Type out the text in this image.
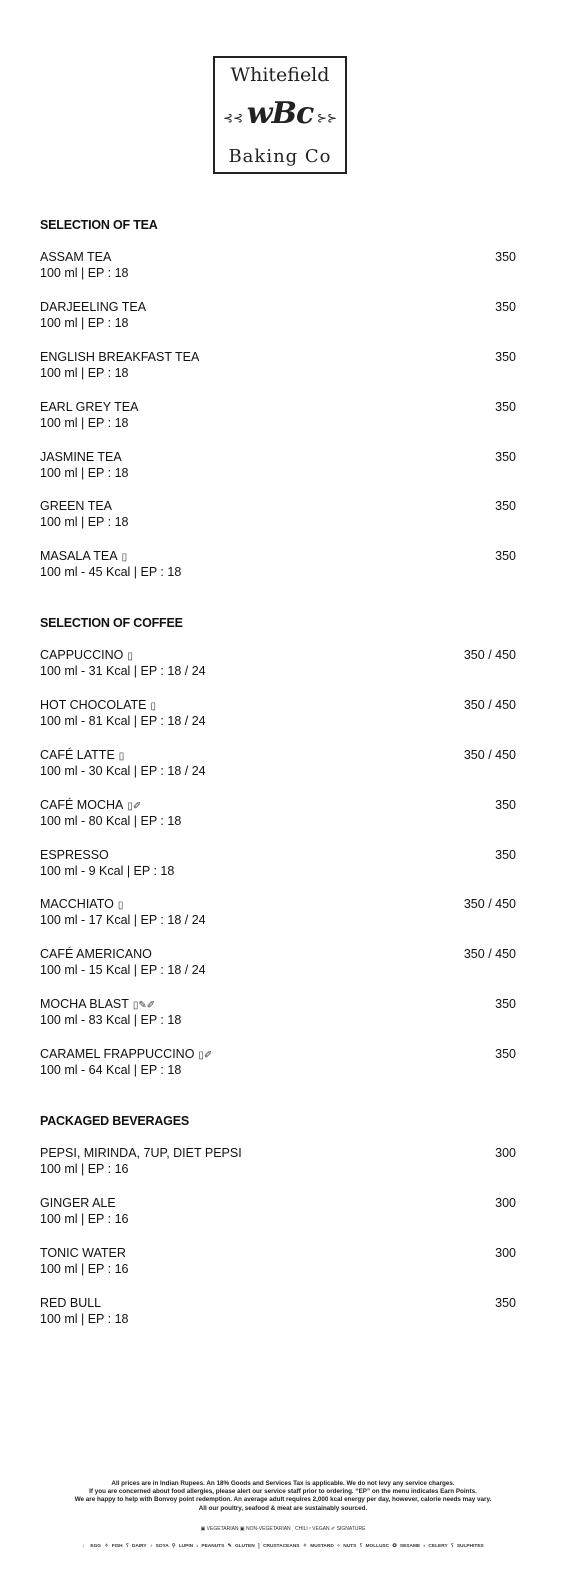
Whitefield
⊰⊰ wBc ⊱⊱
Baking Co
SELECTION OF TEA
ASSAM TEA
100 ml | EP : 18
350
DARJEELING TEA
100 ml | EP : 18
350
ENGLISH BREAKFAST TEA
100 ml | EP : 18
350
EARL GREY TEA
100 ml | EP : 18
350
JASMINE TEA
100 ml | EP : 18
350
GREEN TEA
100 ml | EP : 18
350
MASALA TEA ▯
100 ml - 45 Kcal | EP : 18
350
SELECTION OF COFFEE
CAPPUCCINO ▯
100 ml - 31 Kcal | EP : 18 / 24
350 / 450
HOT CHOCOLATE ▯
100 ml - 81 Kcal | EP : 18 / 24
350 / 450
CAFÉ LATTE ▯
100 ml - 30 Kcal | EP : 18 / 24
350 / 450
CAFÉ MOCHA ▯✐
100 ml - 80 Kcal | EP : 18
350
ESPRESSO
100 ml - 9 Kcal | EP : 18
350
MACCHIATO ▯
100 ml - 17 Kcal | EP : 18 / 24
350 / 450
CAFÉ AMERICANO
100 ml - 15 Kcal | EP : 18 / 24
350 / 450
MOCHA BLAST ▯✎✐
100 ml - 83 Kcal | EP : 18
350
CARAMEL FRAPPUCCINO ▯✐
100 ml - 64 Kcal | EP : 18
350
PACKAGED BEVERAGES
PEPSI, MIRINDA, 7UP, DIET PEPSI
100 ml | EP : 16
300
GINGER ALE
100 ml | EP : 16
300
TONIC WATER
100 ml | EP : 16
300
RED BULL
100 ml | EP : 18
350
All prices are in Indian Rupees. An 18% Goods and Services Tax is applicable. We do not levy any service charges.
If you are concerned about food allergies, please alert our service staff prior to ordering. “EP” on the menu indicates Earn Points.
We are happy to help with Bonvoy point redemption. An average adult requires 2,000 kcal energy per day, however, calorie needs may vary.
All our poultry, seafood & meat are sustainably sourced.
▣ VEGETARIAN ▣ NON-VEGETARIAN ⸒ CHILI ᵞ VEGAN ✐ SIGNATURE
♩ EGG ✧ FISH ⸮ DAIRY ♪ SOYA ⚲ LUPIN ⸗ PEANUTS ✎ GLUTEN ⸾ CRUSTACEANS ✧ MUSTARD ⸰ NUTS ⸮ MOLLUSC ✪ SESAME ⸗ CELERY ⸮ SULPHITES
